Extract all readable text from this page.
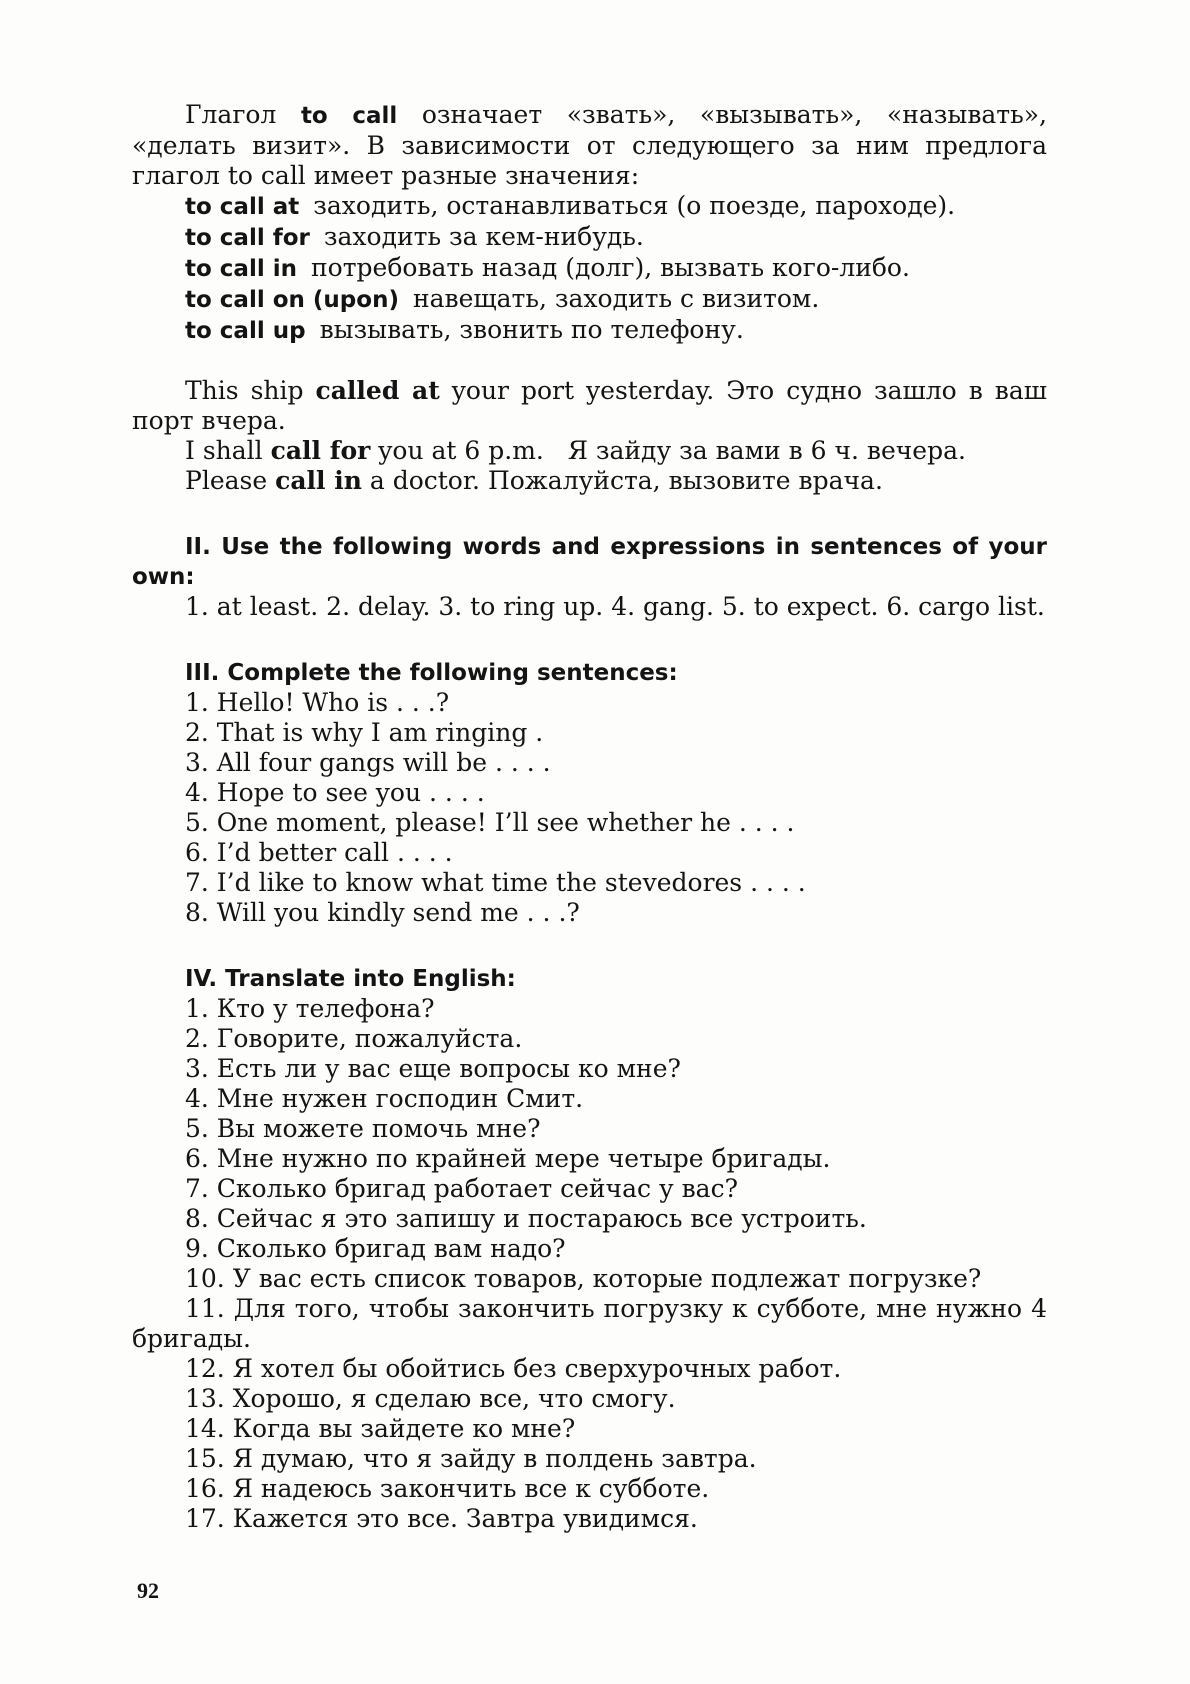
Глагол to call означает «звать», «вызывать», «называть», «делать визит». В зависимости от следующего за ним предлога глагол to call имеет разные значения:

to call at заходить, останавливаться (о поезде, пароходе).
to call for заходить за кем-нибудь.
to call in потребовать назад (долг), вызвать кого-либо.
to call on (upon) навещать, заходить с визитом.
to call up вызывать, звонить по телефону.

This ship called at your port yesterday. Это судно зашло в ваш порт вчера.

I shall call for you at 6 p.m.   Я зайду за вами в 6 ч. вечера.

Please call in a doctor. Пожалуйста, вызовите врача.

II. Use the following words and expressions in sentences of your own:

1. at least. 2. delay. 3. to ring up. 4. gang. 5. to expect. 6. cargo list.

III. Complete the following sentences:

1. Hello! Who is . . .?
2. That is why I am ringing .
3. All four gangs will be . . . .
4. Hope to see you . . . .
5. One moment, please! I’ll see whether he . . . .
6. I’d better call . . . .
7. I’d like to know what time the stevedores . . . .
8. Will you kindly send me . . .?

IV. Translate into English:

1. Кто у телефона?
2. Говорите, пожалуйста.
3. Есть ли у вас еще вопросы ко мне?
4. Мне нужен господин Смит.
5. Вы можете помочь мне?
6. Мне нужно по крайней мере четыре бригады.
7. Сколько бригад работает сейчас у вас?
8. Сейчас я это запишу и постараюсь все устроить.
9. Сколько бригад вам надо?
10. У вас есть список товаров, которые подлежат погрузке?

11. Для того, чтобы закончить погрузку к субботе, мне нужно 4 бригады.

12. Я хотел бы обойтись без сверхурочных работ.
13. Хорошо, я сделаю все, что смогу.
14. Когда вы зайдете ко мне?
15. Я думаю, что я зайду в полдень завтра.
16. Я надеюсь закончить все к субботе.
17. Кажется это все. Завтра увидимся.
92
